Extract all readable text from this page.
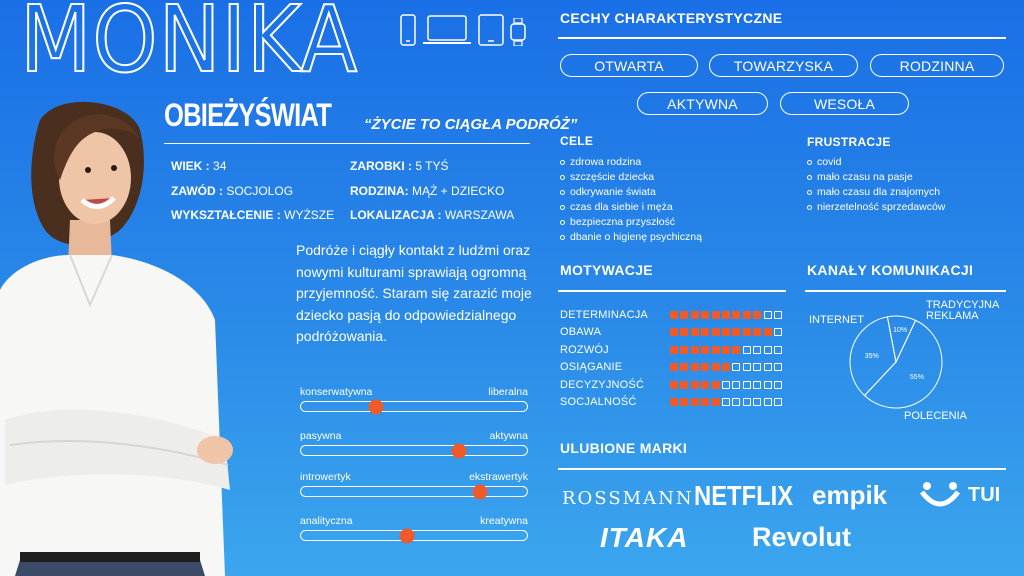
MONIKA
OBIEŻYŚWIAT “ŻYCIE TO CIĄGŁA PODRÓŻ”
WIEK : 34
ZAWÓD : SOCJOLOG
WYKSZTAŁCENIE : WYŻSZE
ZAROBKI : 5 TYŚ
RODZINA: MĄŻ + DZIECKO
LOKALIZACJA : WARSZAWA
Podróże i ciągły kontakt z ludźmi oraz nowymi kulturami sprawiają ogromną przyjemność. Staram się zarazić moje dziecko pasją do odpowiedzialnego podróżowania.
konserwatywna	liberalna
pasywna	aktywna
introwertyk	ekstrawertyk
analityczna	kreatywna
CECHY CHARAKTERYSTYCZNE
OTWARTA	TOWARZYSKA	RODZINNA
AKTYWNA	WESOŁA
CELE
zdrowa rodzina
szczęście dziecka
odkrywanie świata
czas dla siebie i męża
bezpieczna przyszłość
dbanie o higienę psychiczną
FRUSTRACJE
covid
mało czasu na pasje
mało czasu dla znajomych
nierzetelność sprzedawców
MOTYWACJE
DETERMINACJA
OBAWA
ROZWÓJ
OSIĄGANIE
DECYZYJNOŚĆ
SOCJALNOŚĆ
KANAŁY KOMUNIKACJI
INTERNET
TRADYCYJNA REKLAMA
POLECENIA
55%
35%
10%
ULUBIONE MARKI
ROSSMANN NETFLIX empik	TUI
ITAKA Revolut
